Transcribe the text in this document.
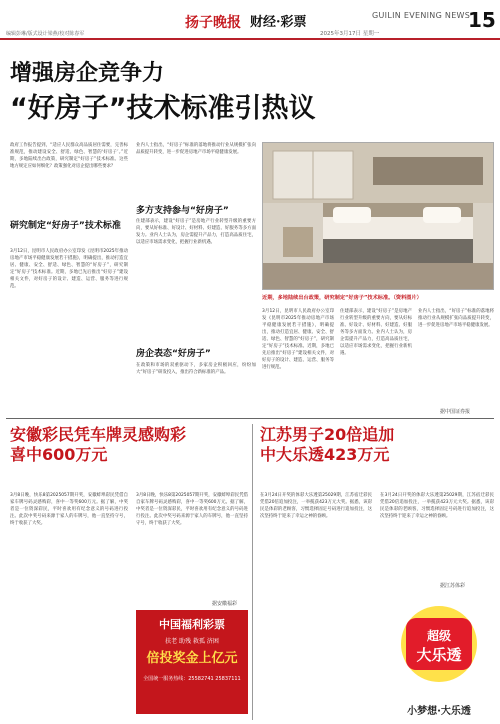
扬子晚报 财经·彩票	GUILIN EVENING NEWS
15
编辑彭琳/版式设计梁燕/校对陈春军	2025年3月17日 星期一
增强房企竞争力
“好房子”技术标准引热议
政府工作报告提到，“适应人民群众高品质居住需要，完善标准规范，推动建设安全、舒适、绿色、智慧的‘好房子’。”近期，多地陆续出台政策，研究制定“好房子”技术标准。这些地方规定应如何细化？政策强化对房企提出哪些要求？
研究制定“好房子”技术标准
3月12日，昆明市人民政府办公室印发《昆明市2025年推动房地产市场平稳健康发展若干措施》，明确提出，推动打造宜居、健康、安全、舒适、绿色、智慧的“好房子”，研究制定“好房子”技术标准。近期，多地已先后推出“好房子”建设相关文件，对好房子的设计、建造、运营、服务等进行规范。
业内人士指出，“好房子”标准的落地将推动行业从规模扩张向品质提升转变，进一步促进房地产市场平稳健康发展。
多方支持参与“好房子”
住建部表示，建设“好房子”是房地产行业转型升级的重要方向，要从好标准、好设计、好材料、好建造、好服务等多方面发力。业内人士认为，房企需提升产品力，打造高品质住宅，以适应市场需求变化，把握行业新机遇。
房企表态“好房子”
在政策和市场的双重驱动下，多家房企积极回应，纷纷加大“好房子”研发投入，推出符合新标准的产品。
近期，多地陆续出台政策，研究制定“好房子”技术标准。（资料图片）
3月12日，昆明市人民政府办公室印发《昆明市2025年推动房地产市场平稳健康发展若干措施》，明确提出，推动打造宜居、健康、安全、舒适、绿色、智慧的“好房子”，研究制定“好房子”技术标准。近期，多地已先后推出“好房子”建设相关文件，对好房子的设计、建造、运营、服务等进行规范。
住建部表示，建设“好房子”是房地产行业转型升级的重要方向，要从好标准、好设计、好材料、好建造、好服务等多方面发力。业内人士认为，房企需提升产品力，打造高品质住宅，以适应市场需求变化，把握行业新机遇。
业内人士指出，“好房子”标准的落地将推动行业从规模扩张向品质提升转变，进一步促进房地产市场平稳健康发展。
据中国证券报
安徽彩民凭车牌灵感购彩
喜中600万元
3月8日晚，快乐8第2025057期开奖，安徽蚌埠彩民凭借自家车牌号码灵感购彩，喜中一等奖600万元。据了解，中奖者是一位资深彩民，平时喜欢用有纪念意义的号码进行投注。此次中奖号码来源于家人的车牌号，他一直坚持守号，终于收获了大奖。
3月8日晚，快乐8第2025057期开奖，安徽蚌埠彩民凭借自家车牌号码灵感购彩，喜中一等奖600万元。据了解，中奖者是一位资深彩民，平时喜欢用有纪念意义的号码进行投注。此次中奖号码来源于家人的车牌号，他一直坚持守号，终于收获了大奖。
据安徽福彩
中国福利彩票
扶老 助残 救孤 济困
倍投奖金上亿元
全国统一服务热线：25582741 25837111
江苏男子20倍追加
中大乐透423万元
在3月24日开奖的体彩大乐透第25029期，江苏宿迁彩民凭借20倍追加投注，一举揽获423万元大奖。据悉，该彩民是体彩的老顾客，习惯选择固定号码进行追加投注，这次坚持终于迎来了幸运之神的眷顾。
在3月24日开奖的体彩大乐透第25029期，江苏宿迁彩民凭借20倍追加投注，一举揽获423万元大奖。据悉，该彩民是体彩的老顾客，习惯选择固定号码进行追加投注，这次坚持终于迎来了幸运之神的眷顾。
据江苏体彩
超级
大乐透
小梦想·大乐透
